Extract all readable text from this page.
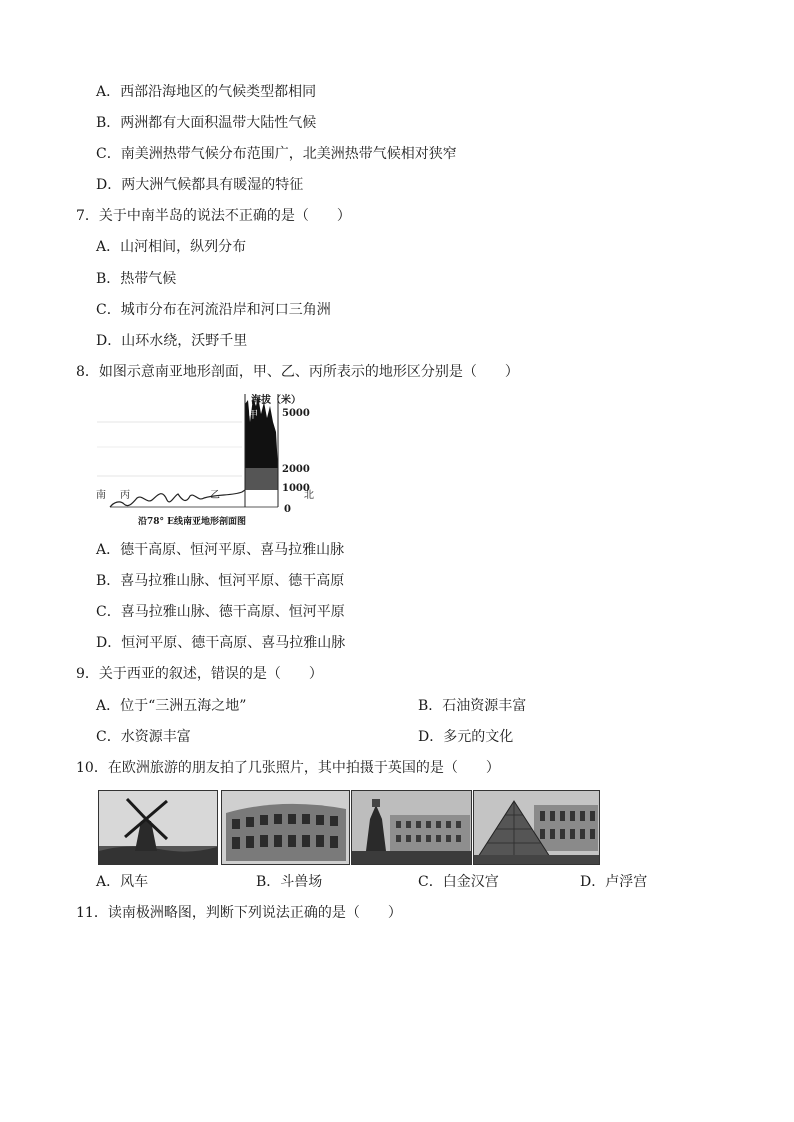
A．西部沿海地区的气候类型都相同
B．两洲都有大面积温带大陆性气候
C．南美洲热带气候分布范围广，北美洲热带气候相对狭窄
D．两大洲气候都具有暖湿的特征
7．关于中南半岛的说法不正确的是（　　）
A．山河相间，纵列分布
B．热带气候
C．城市分布在河流沿岸和河口三角洲
D．山环水绕，沃野千里
8．如图示意南亚地形剖面，甲、乙、丙所表示的地形区分别是（　　）
海拔（米）
5000
2000
1000
0
甲
乙
丙
南	北
沿78° E线南亚地形剖面图
A．德干高原、恒河平原、喜马拉雅山脉
B．喜马拉雅山脉、恒河平原、德干高原
C．喜马拉雅山脉、德干高原、恒河平原
D．恒河平原、德干高原、喜马拉雅山脉
9．关于西亚的叙述，错误的是（　　）
A．位于“三洲五海之地”	B．石油资源丰富
C．水资源丰富	D．多元的文化
10．在欧洲旅游的朋友拍了几张照片，其中拍摄于英国的是（　　）
A．风车	B．斗兽场	C．白金汉宫	D．卢浮宫
11．读南极洲略图，判断下列说法正确的是（　　）
